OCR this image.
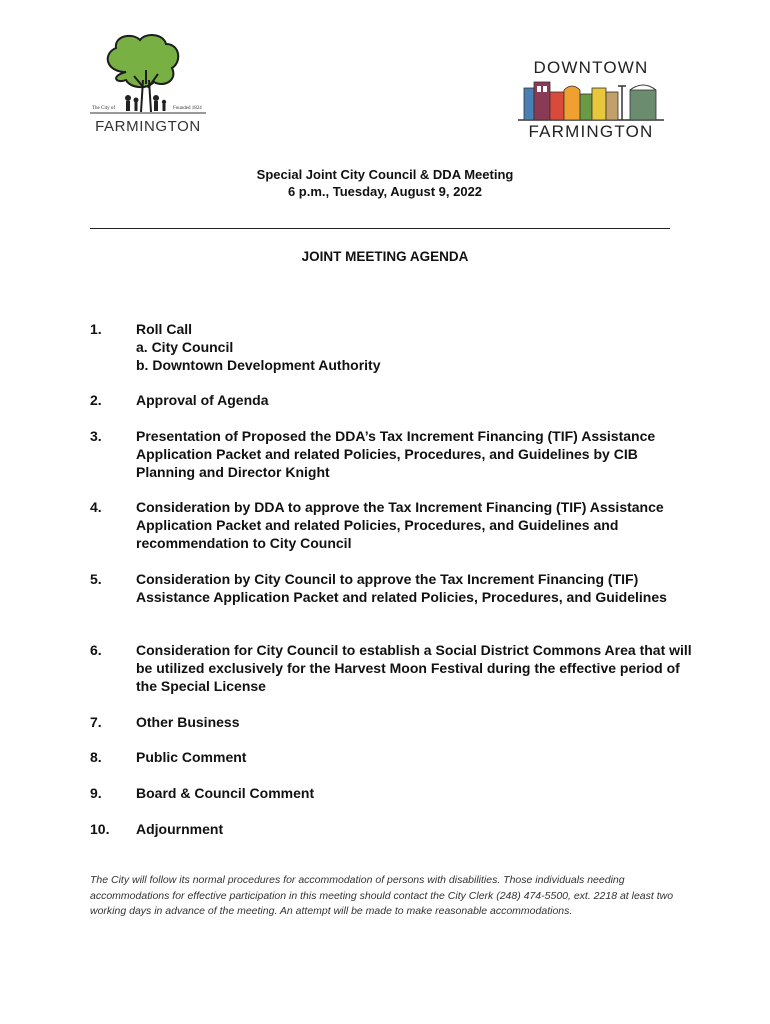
The City of	Founded 1824
FARMINGTON
DOWNTOWN
FARMINGTON
Special Joint City Council & DDA Meeting
6 p.m., Tuesday, August 9, 2022
JOINT MEETING AGENDA
1. Roll Call
a. City Council
b. Downtown Development Authority
2. Approval of Agenda
3. Presentation of Proposed the DDA’s Tax Increment Financing (TIF) Assistance Application Packet and related Policies, Procedures, and Guidelines by CIB Planning and Director Knight
4. Consideration by DDA to approve the Tax Increment Financing (TIF) Assistance Application Packet and related Policies, Procedures, and Guidelines and recommendation to City Council
5. Consideration by City Council to approve the Tax Increment Financing (TIF) Assistance Application Packet and related Policies, Procedures, and Guidelines
6. Consideration for City Council to establish a Social District Commons Area that will be utilized exclusively for the Harvest Moon Festival during the effective period of the Special License
7. Other Business
8. Public Comment
9. Board & Council Comment
10. Adjournment
The City will follow its normal procedures for accommodation of persons with disabilities. Those individuals needing accommodations for effective participation in this meeting should contact the City Clerk (248) 474-5500, ext. 2218 at least two working days in advance of the meeting. An attempt will be made to make reasonable accommodations.
